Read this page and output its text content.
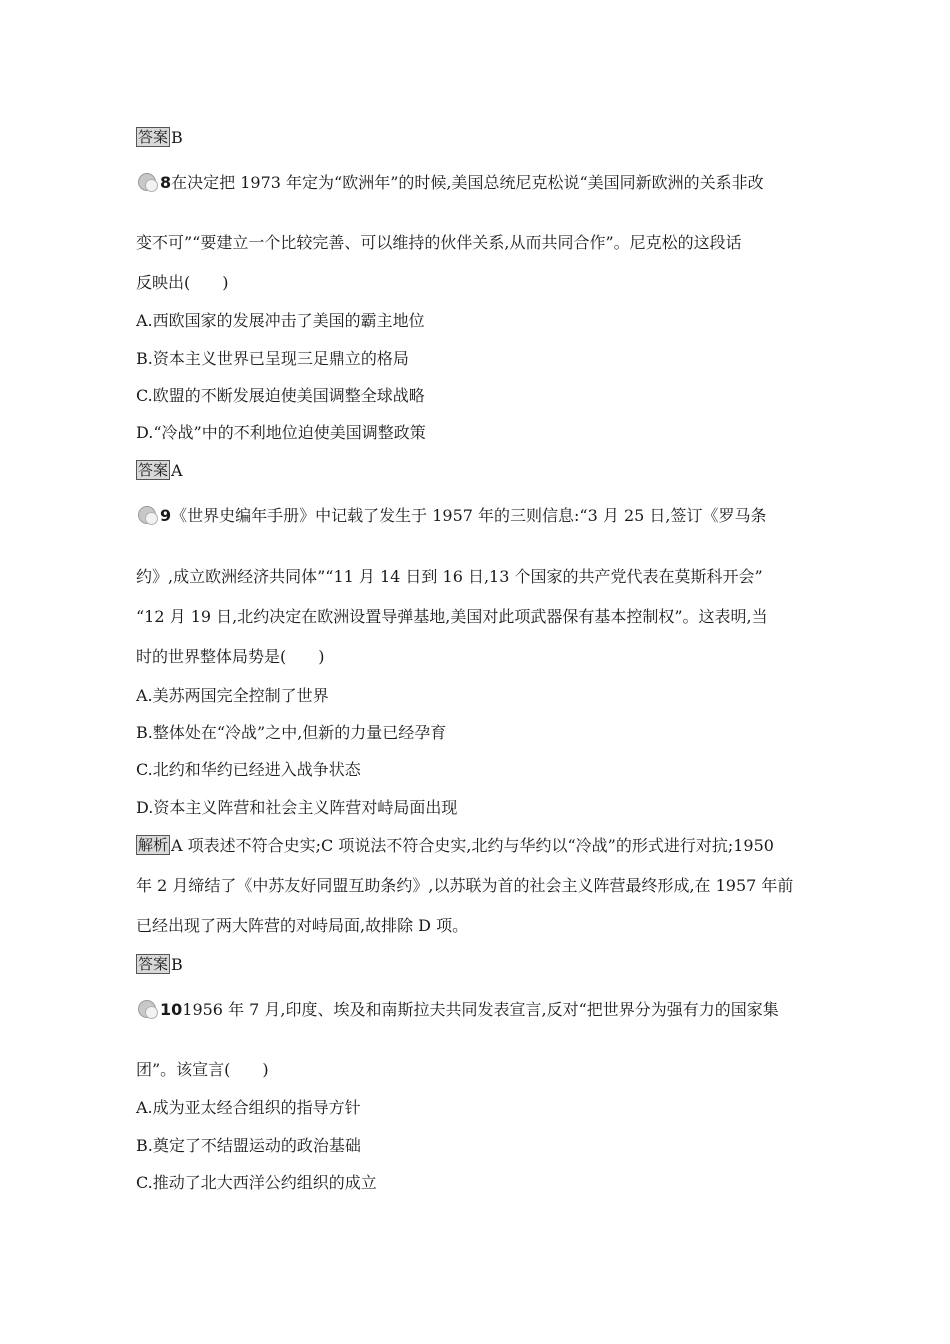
答案 B
8在决定把 1973 年定为“欧洲年”的时候,美国总统尼克松说“美国同新欧洲的关系非改
变不可”“要建立一个比较完善、可以维持的伙伴关系,从而共同合作”。尼克松的这段话
反映出(　　)
A.西欧国家的发展冲击了美国的霸主地位
B.资本主义世界已呈现三足鼎立的格局
C.欧盟的不断发展迫使美国调整全球战略
D.“冷战”中的不利地位迫使美国调整政策
答案 A
9《世界史编年手册》中记载了发生于 1957 年的三则信息:“3 月 25 日,签订《罗马条
约》,成立欧洲经济共同体”“11 月 14 日到 16 日,13 个国家的共产党代表在莫斯科开会”
“12 月 19 日,北约决定在欧洲设置导弹基地,美国对此项武器保有基本控制权”。这表明,当
时的世界整体局势是(　　)
A.美苏两国完全控制了世界
B.整体处在“冷战”之中,但新的力量已经孕育
C.北约和华约已经进入战争状态
D.资本主义阵营和社会主义阵营对峙局面出现
解析 A 项表述不符合史实;C 项说法不符合史实,北约与华约以“冷战”的形式进行对抗;1950
年 2 月缔结了《中苏友好同盟互助条约》,以苏联为首的社会主义阵营最终形成,在 1957 年前
已经出现了两大阵营的对峙局面,故排除 D 项。
答案 B
101956 年 7 月,印度、埃及和南斯拉夫共同发表宣言,反对“把世界分为强有力的国家集
团”。该宣言(　　)
A.成为亚太经合组织的指导方针
B.奠定了不结盟运动的政治基础
C.推动了北大西洋公约组织的成立
